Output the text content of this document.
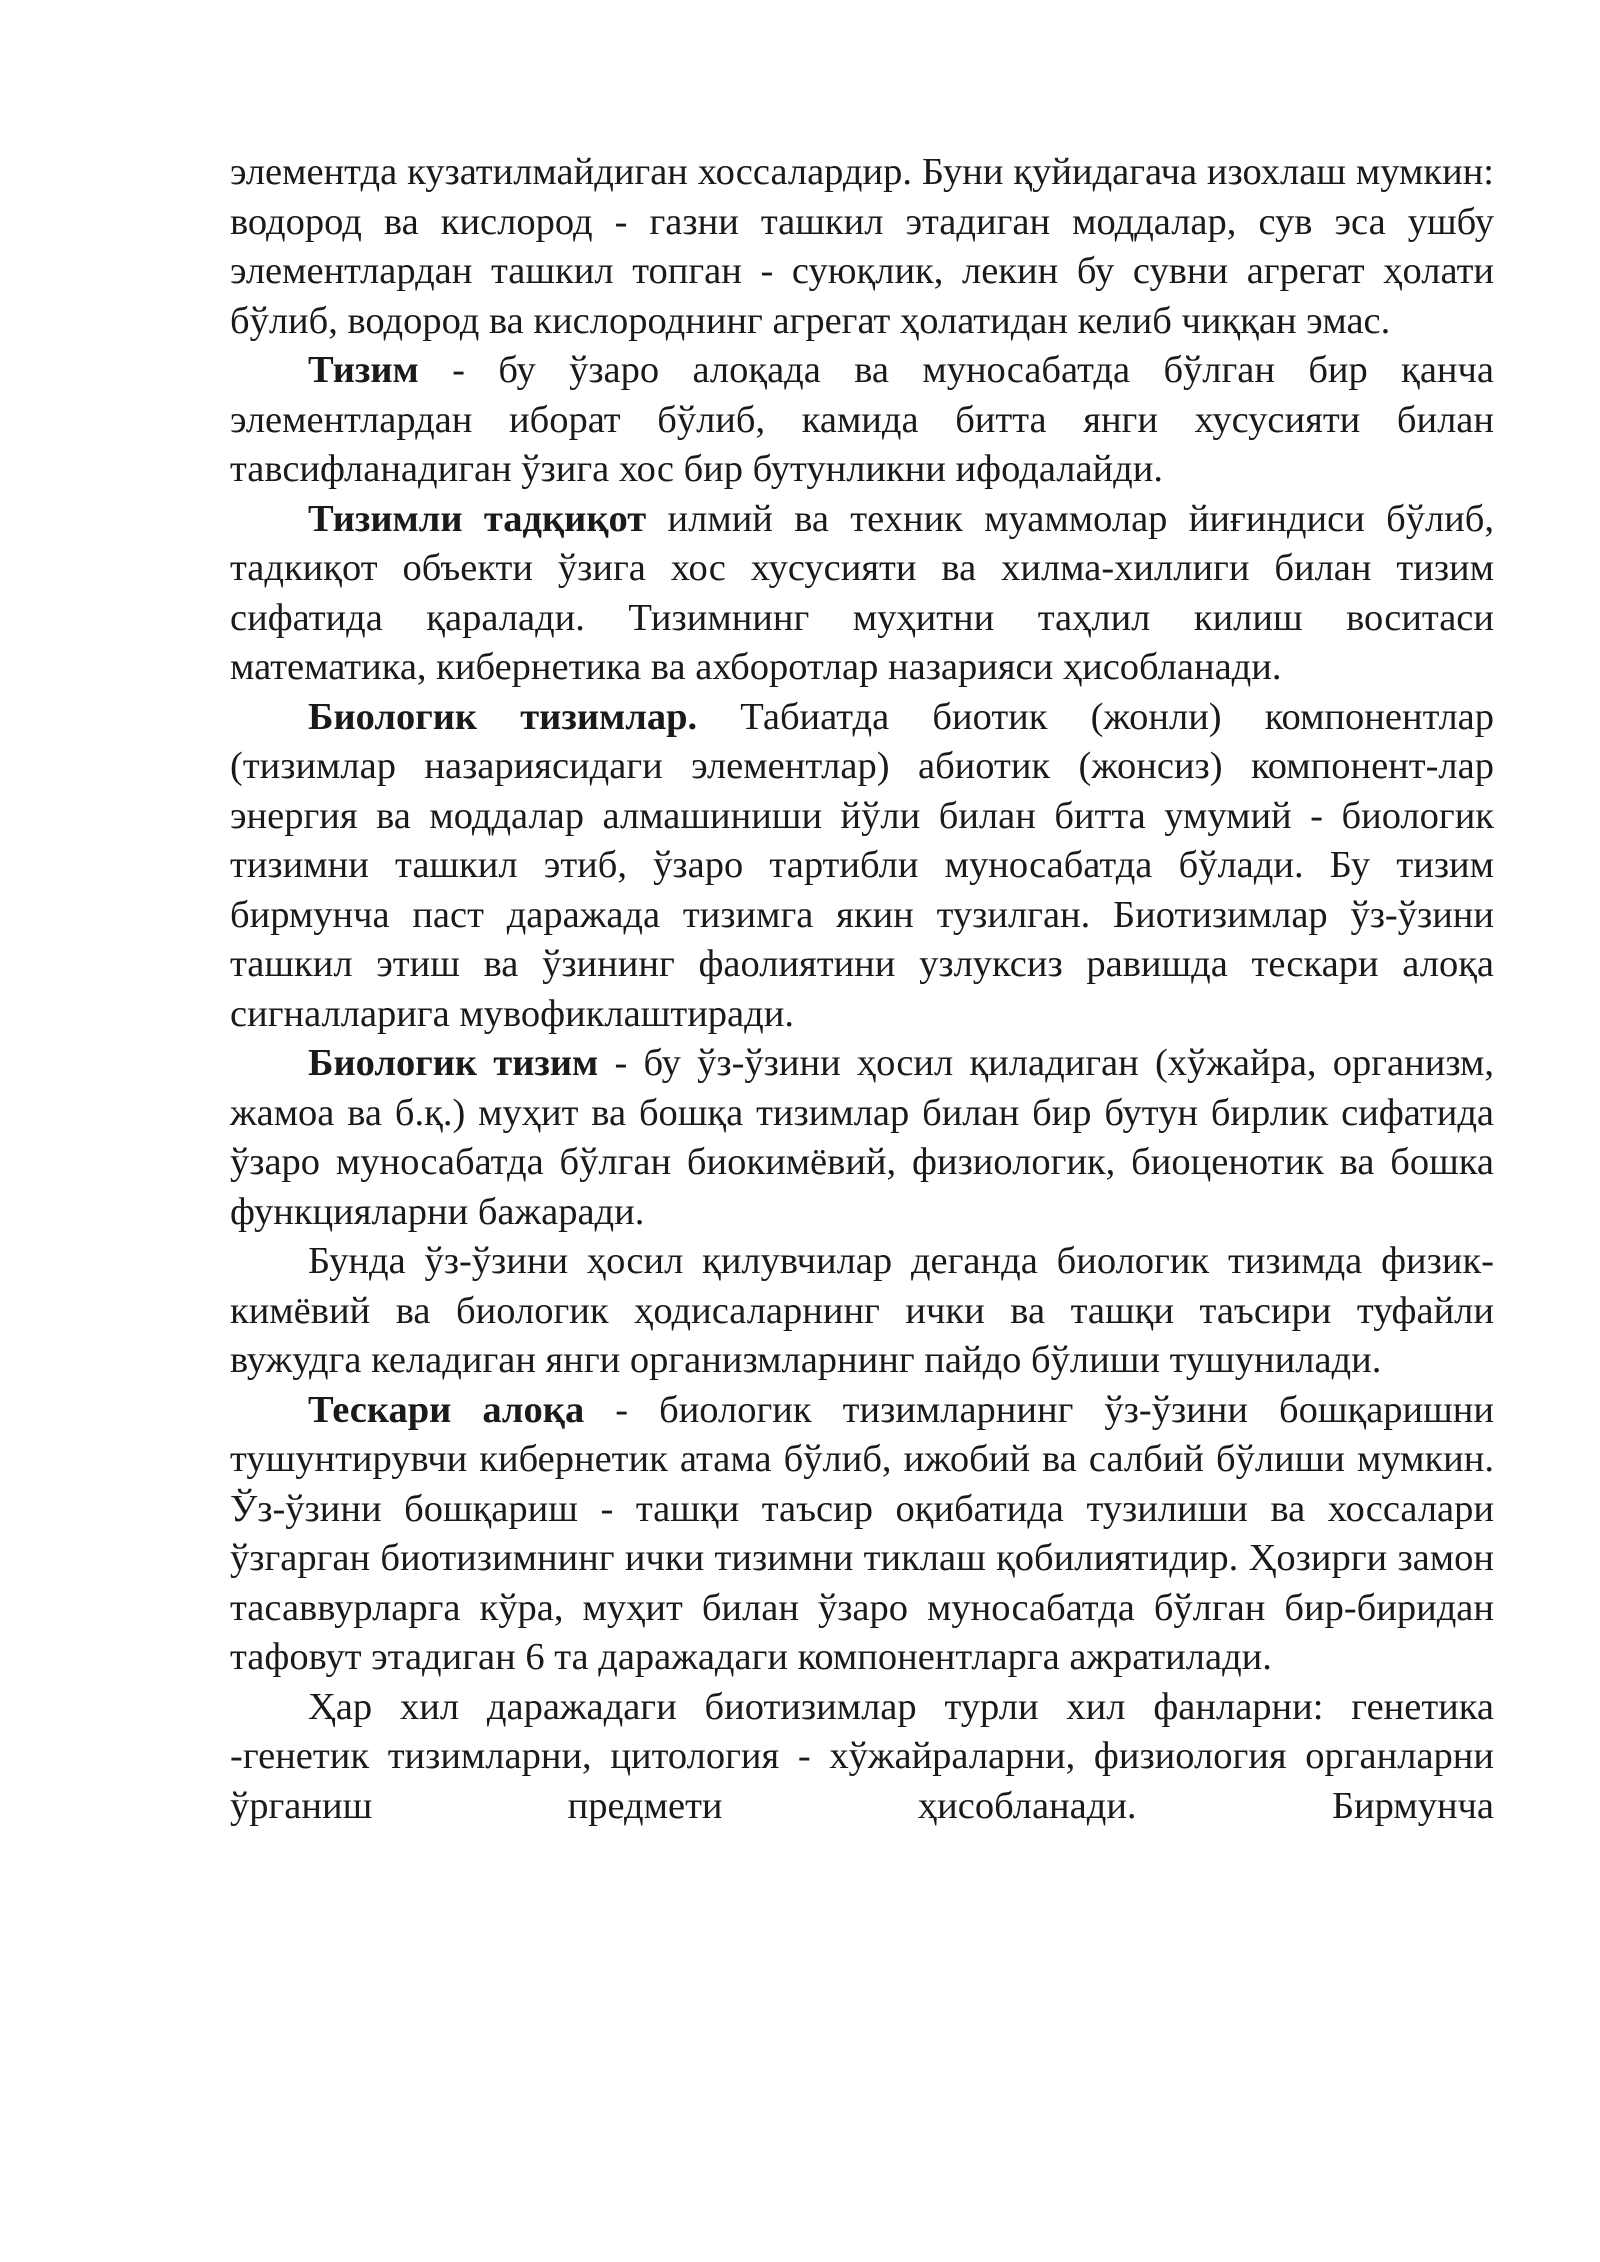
элементда кузатилмайдиган хоссалардир. Буни қуйидагача изохлаш мумкин: водород ва кислород - газни ташкил этадиган моддалар, сув эса ушбу элементлардан ташкил топган - суюқлик, лекин бу сувни агрегат ҳолати бўлиб, водород ва кислороднинг агрегат ҳолатидан келиб чиққан эмас.

Тизим - бу ўзаро алоқада ва муносабатда бўлган бир қанча элементлардан иборат бўлиб, камида битта янги хусусияти билан тавсифланадиган ўзига хос бир бутунликни ифодалайди.

Тизимли тадқиқот илмий ва техник муаммолар йиғиндиси бўлиб, тадкиқот объекти ўзига хос хусусияти ва хилма-хиллиги билан тизим сифатида қаралади. Тизимнинг муҳитни таҳлил килиш воситаси математика, кибернетика ва ахборотлар назарияси ҳисобланади.

Биологик тизимлар. Табиатда биотик (жонли) компонентлар (тизимлар назариясидаги элементлар) абиотик (жонсиз) компонент-лар энергия ва моддалар алмашиниши йўли билан битта умумий - биологик тизимни ташкил этиб, ўзаро тартибли муносабатда бўлади. Бу тизим бирмунча паст даражада тизимга якин тузилган. Биотизимлар ўз-ўзини ташкил этиш ва ўзининг фаолиятини узлуксиз равишда тескари алоқа сигналларига мувофиклаштиради.

Биологик тизим - бу ўз-ўзини ҳосил қиладиган (хўжайра, организм, жамоа ва б.қ.) муҳит ва бошқа тизимлар билан бир бутун бирлик сифатида ўзаро муносабатда бўлган биокимёвий, физиологик, биоценотик ва бошка функцияларни бажаради.

Бунда ўз-ўзини ҳосил қилувчилар деганда биологик тизимда физик-кимёвий ва биологик ҳодисаларнинг ички ва ташқи таъсири туфайли вужудга келадиган янги организмларнинг пайдо бўлиши тушунилади.

Тескари алоқа - биологик тизимларнинг ўз-ўзини бошқаришни тушунтирувчи кибернетик атама бўлиб, ижобий ва салбий бўлиши мумкин. Ўз-ўзини бошқариш - ташқи таъсир оқибатида тузилиши ва хоссалари ўзгарган биотизимнинг ички тизимни тиклаш қобилиятидир. Ҳозирги замон тасаввурларга кўра, муҳит билан ўзаро муносабатда бўлган бир-биридан тафовут этадиган 6 та даражадаги компонентларга ажратилади.

Ҳар хил даражадаги биотизимлар турли хил фанларни: генетика -генетик тизимларни, цитология - хўжайраларни, физиология органларни ўрганиш предмети ҳисобланади. Бирмунча
